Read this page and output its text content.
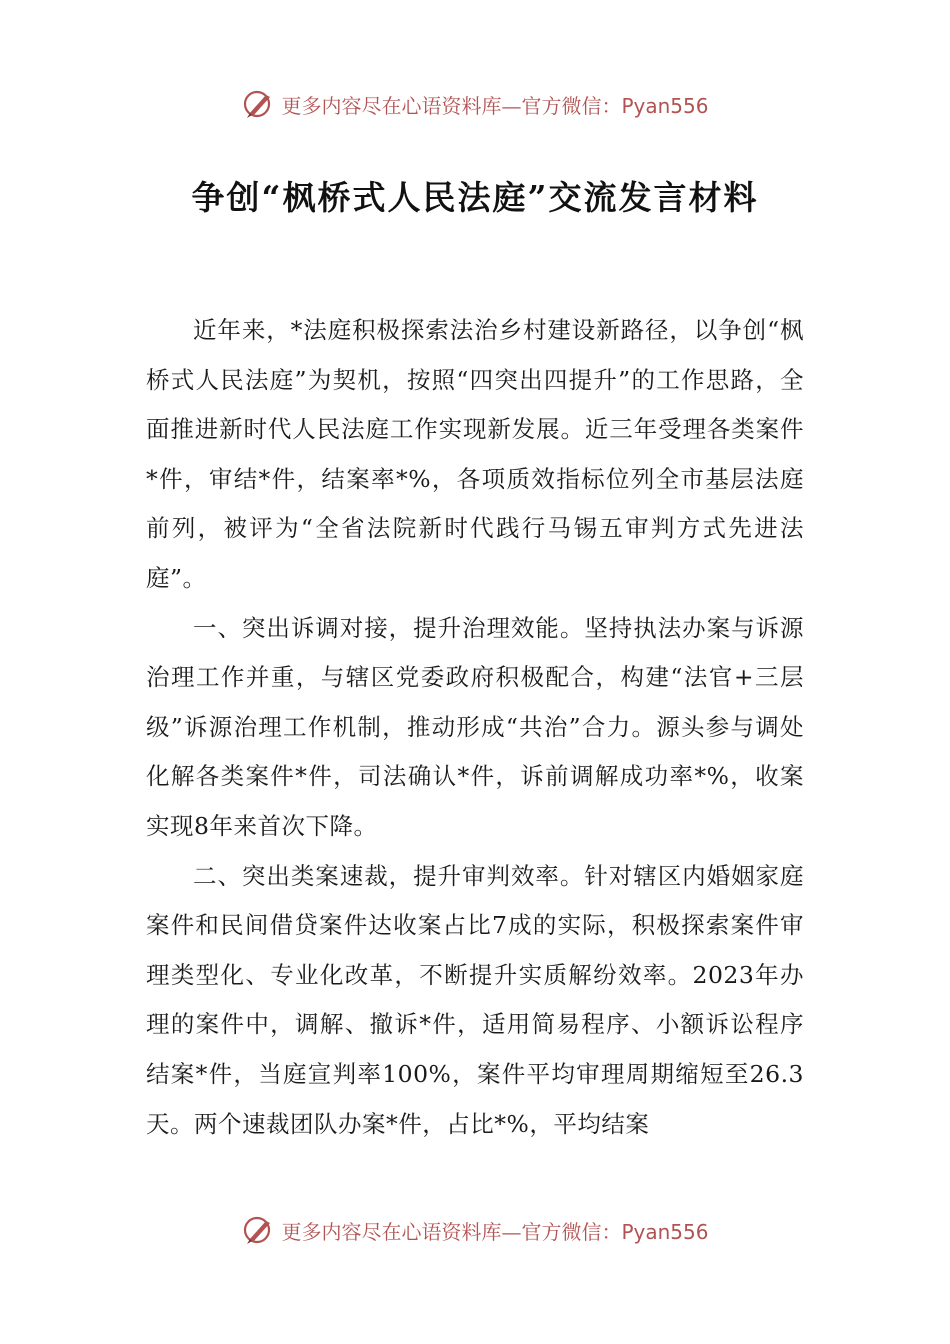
更多内容尽在心语资料库— 官方微信：Pyan556
争创“枫桥式人民法庭”交流发言材料

近年来，*法庭积极探索法治乡村建设新路径，以争创“枫桥式人民法庭”为契机，按照“四突出四提升”的工作思路，全面推进新时代人民法庭工作实现新发展。近三年受理各类案件*件，审结*件，结案率*%，各项质效指标位列全市基层法庭前列，被评为“全省法院新时代践行马锡五审判方式先进法庭”。

一、突出诉调对接，提升治理效能。坚持执法办案与诉源治理工作并重，与辖区党委政府积极配合，构建“法官+三层级”诉源治理工作机制，推动形成“共治”合力。源头参与调处化解各类案件*件，司法确认*件，诉前调解成功率*%，收案实现8年来首次下降。

二、突出类案速裁，提升审判效率。针对辖区内婚姻家庭案件和民间借贷案件达收案占比7成的实际，积极探索案件审理类型化、专业化改革，不断提升实质解纷效率。2023年办理的案件中，调解、撤诉*件，适用简易程序、小额诉讼程序结案*件，当庭宣判率100%，案件平均审理周期缩短至26.3天。两个速裁团队办案*件，占比*%，平均结案

更多内容尽在心语资料库— 官方微信：Pyan556
